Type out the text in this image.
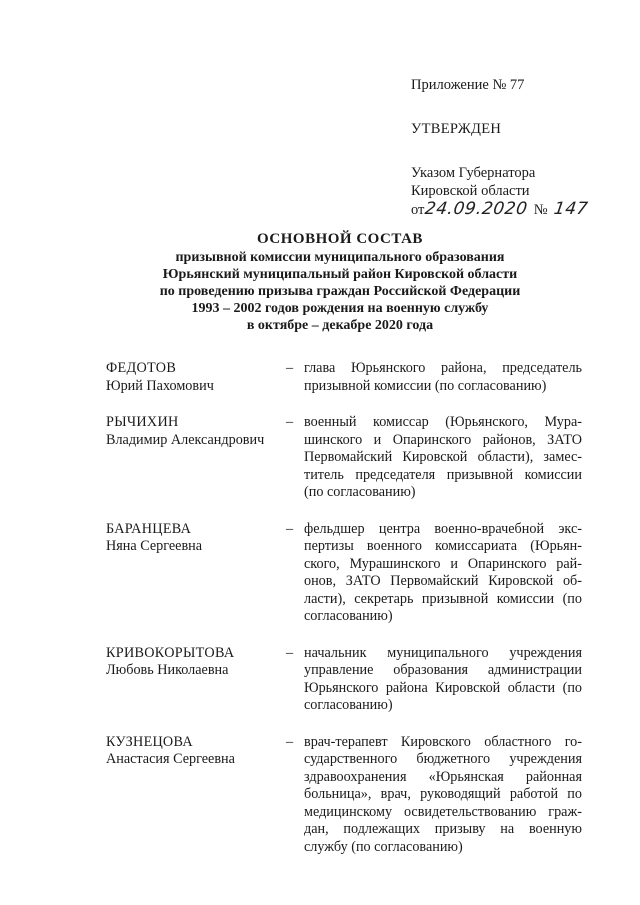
Приложение № 77
УТВЕРЖДЕН
Указом Губернатора
Кировской области
от 24.09.2020 № 147
ОСНОВНОЙ СОСТАВ
призывной комиссии муниципального образования
Юрьянский муниципальный район Кировской области
по проведению призыва граждан Российской Федерации
1993 – 2002 годов рождения на военную службу
в октябре – декабре 2020 года
ФЕДОТОВ
Юрий Пахомович
– глава Юрьянского района, председатель
призывной комиссии (по согласованию)
РЫЧИХИН
Владимир Александрович
– военный комиссар (Юрьянского, Мура-
шинского и Опаринского районов, ЗАТО
Первомайский Кировской области), замес-
титель председателя призывной комиссии
(по согласованию)
БАРАНЦЕВА
Няна Сергеевна
– фельдшер центра военно-врачебной экс-
пертизы военного комиссариата (Юрьян-
ского, Мурашинского и Опаринского рай-
онов, ЗАТО Первомайский Кировской об-
ласти), секретарь призывной комиссии (по
согласованию)
КРИВОКОРЫТОВА
Любовь Николаевна
– начальник муниципального учреждения
управление образования администрации
Юрьянского района Кировской области (по
согласованию)
КУЗНЕЦОВА
Анастасия Сергеевна
– врач-терапевт Кировского областного го-
сударственного бюджетного учреждения
здравоохранения «Юрьянская районная
больница», врач, руководящий работой по
медицинскому освидетельствованию граж-
дан, подлежащих призыву на военную
службу (по согласованию)
